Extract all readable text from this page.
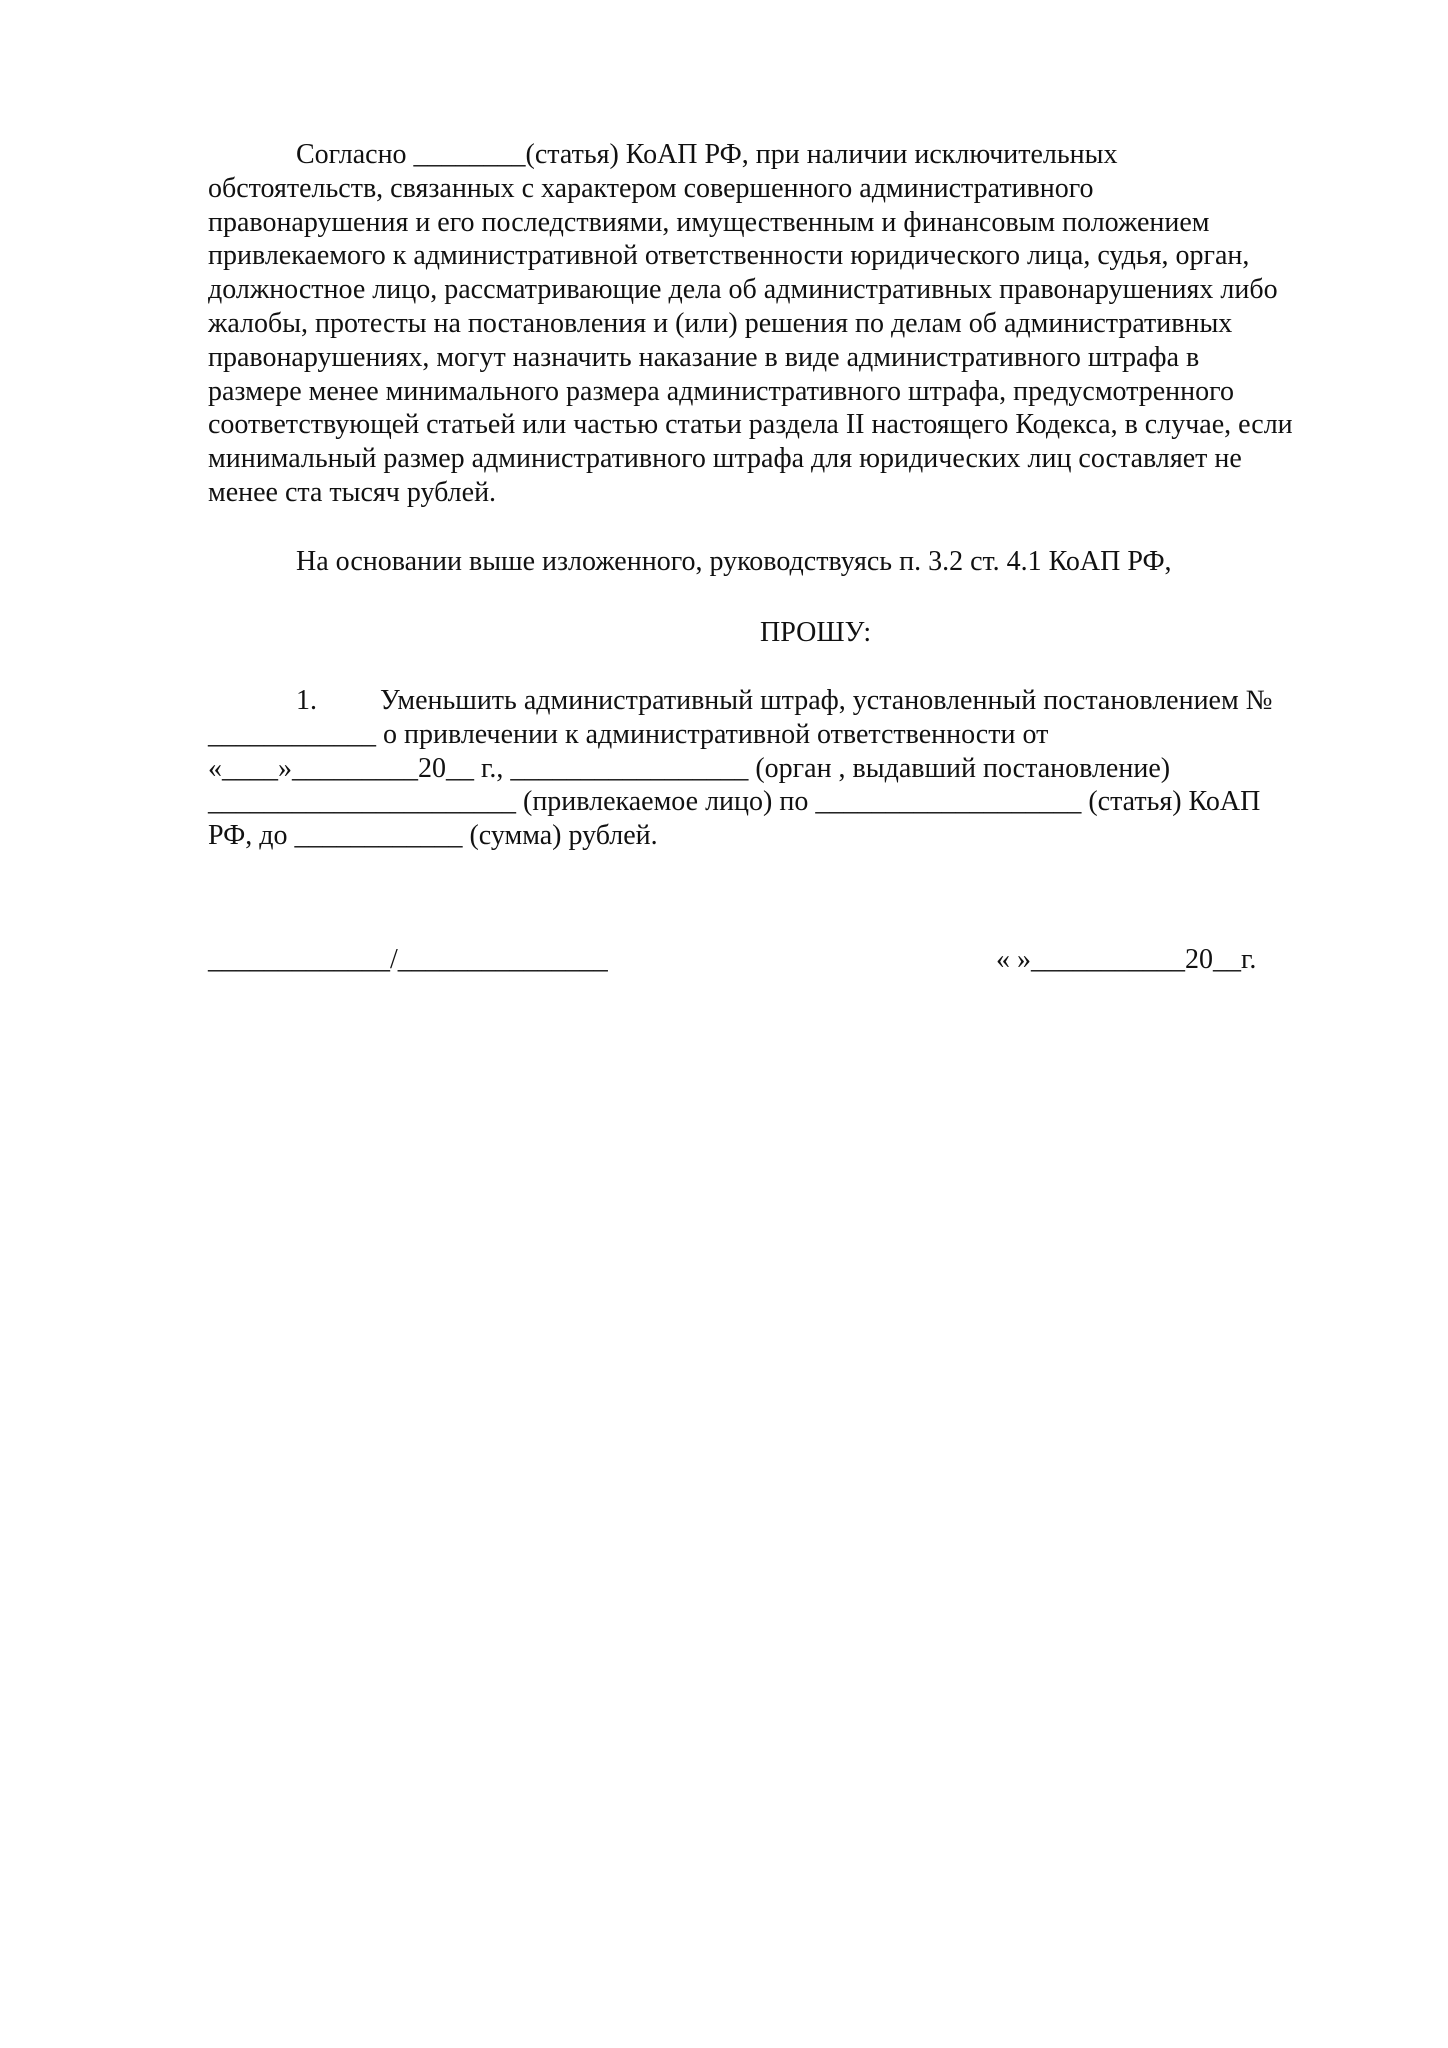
Согласно ________(статья) КоАП РФ, при наличии исключительных
обстоятельств, связанных с характером совершенного административного
правонарушения и его последствиями, имущественным и финансовым положением
привлекаемого к административной ответственности юридического лица, судья, орган,
должностное лицо, рассматривающие дела об административных правонарушениях либо
жалобы, протесты на постановления и (или) решения по делам об административных
правонарушениях, могут назначить наказание в виде административного штрафа в
размере менее минимального размера административного штрафа, предусмотренного
соответствующей статьей или частью статьи раздела II настоящего Кодекса, в случае, если
минимальный размер административного штрафа для юридических лиц составляет не
менее ста тысяч рублей.
На основании выше изложенного, руководствуясь п. 3.2 ст. 4.1 КоАП РФ,
ПРОШУ:
1. Уменьшить административный штраф, установленный постановлением №
____________ о привлечении к административной ответственности от
«____»_________20__ г., _________________ (орган , выдавший постановление)
______________________ (привлекаемое лицо) по ___________________ (статья) КоАП
РФ, до ____________ (сумма) рублей.
_____________/_______________	« »___________20__г.
